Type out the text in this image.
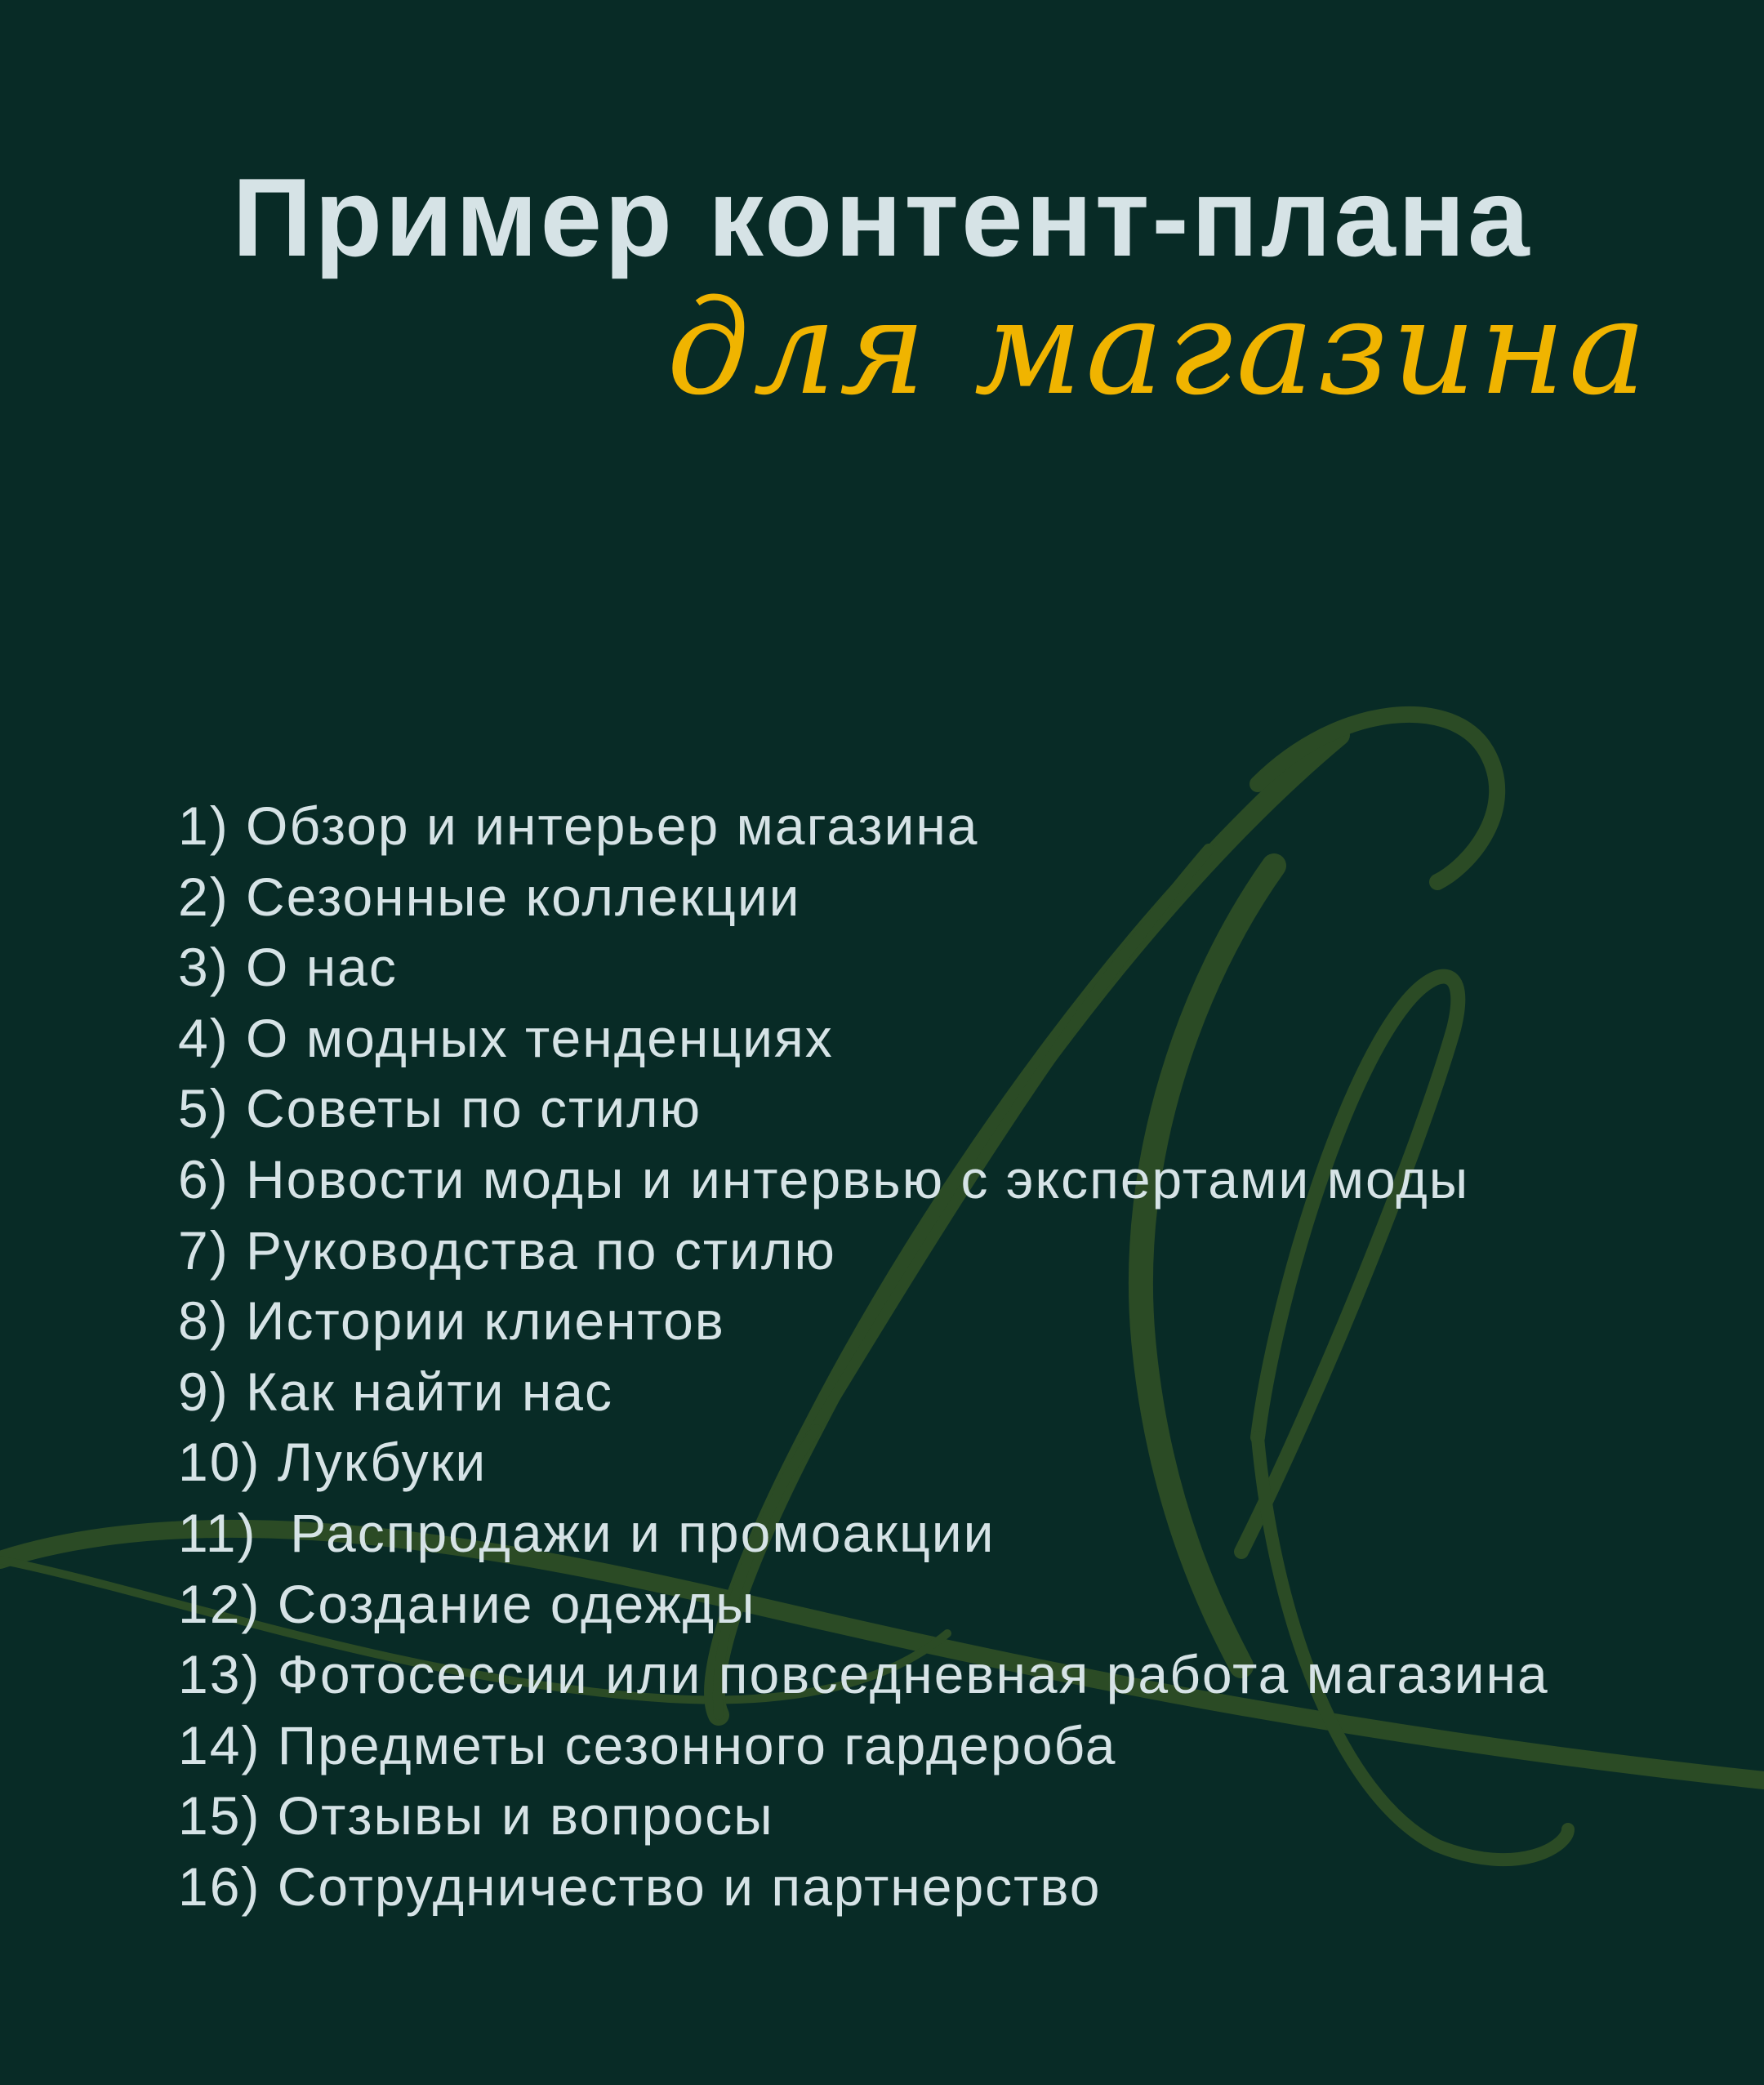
Пример контент-плана
для магазина
1) Обзор и интерьер магазина
2) Сезонные коллекции
3) О нас
4) О модных тенденциях
5) Советы по стилю
6) Новости моды и интервью с экспертами моды
7) Руководства по стилю
8) Истории клиентов
9) Как найти нас
10) Лукбуки
11)  Распродажи и промоакции
12) Создание одежды
13) Фотосессии или повседневная работа магазина
14) Предметы сезонного гардероба
15) Отзывы и вопросы
16) Сотрудничество и партнерство
